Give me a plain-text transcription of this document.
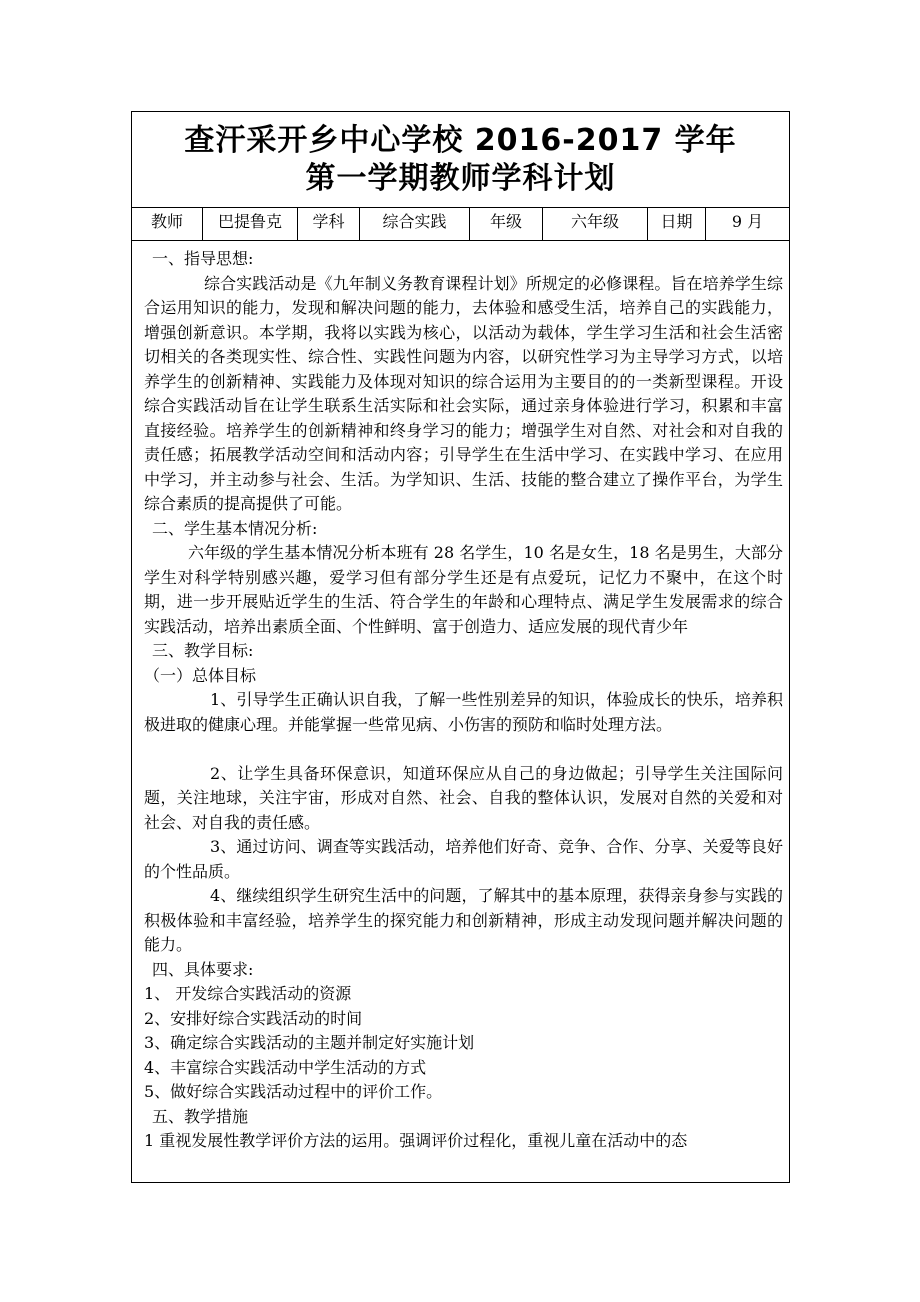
查汗采开乡中心学校 2016-2017 学年
第一学期教师学科计划
教师	巴提鲁克	学科	综合实践	年级	六年级	日期	9 月

一、指导思想:

综合实践活动是《九年制义务教育课程计划》所规定的必修课程。旨在培养学生综合运用知识的能力，发现和解决问题的能力，去体验和感受生活，培养自己的实践能力，增强创新意识。本学期，我将以实践为核心，以活动为载体，学生学习生活和社会生活密切相关的各类现实性、综合性、实践性问题为内容，以研究性学习为主导学习方式，以培养学生的创新精神、实践能力及体现对知识的综合运用为主要目的的一类新型课程。开设综合实践活动旨在让学生联系生活实际和社会实际，通过亲身体验进行学习，积累和丰富直接经验。培养学生的创新精神和终身学习的能力；增强学生对自然、对社会和对自我的责任感；拓展教学活动空间和活动内容；引导学生在生活中学习、在实践中学习、在应用中学习，并主动参与社会、生活。为学知识、生活、技能的整合建立了操作平台，为学生综合素质的提高提供了可能。

二、学生基本情况分析:

六年级的学生基本情况分析本班有 28 名学生，10 名是女生，18 名是男生，大部分学生对科学特别感兴趣，爱学习但有部分学生还是有点爱玩，记忆力不聚中，在这个时期，进一步开展贴近学生的生活、符合学生的年龄和心理特点、满足学生发展需求的综合实践活动，培养出素质全面、个性鲜明、富于创造力、适应发展的现代青少年

三、教学目标:

（一）总体目标

1、引导学生正确认识自我，了解一些性别差异的知识，体验成长的快乐，培养积极进取的健康心理。并能掌握一些常见病、小伤害的预防和临时处理方法。

2、让学生具备环保意识，知道环保应从自己的身边做起；引导学生关注国际问题，关注地球，关注宇宙，形成对自然、社会、自我的整体认识，发展对自然的关爱和对社会、对自我的责任感。

3、通过访问、调查等实践活动，培养他们好奇、竞争、合作、分享、关爱等良好的个性品质。

4、继续组织学生研究生活中的问题，了解其中的基本原理，获得亲身参与实践的积极体验和丰富经验，培养学生的探究能力和创新精神，形成主动发现问题并解决问题的能力。

四、具体要求:

1、 开发综合实践活动的资源

2、安排好综合实践活动的时间

3、确定综合实践活动的主题并制定好实施计划

4、丰富综合实践活动中学生活动的方式

5、做好综合实践活动过程中的评价工作。

五、教学措施

1 重视发展性教学评价方法的运用。强调评价过程化，重视儿童在活动中的态
